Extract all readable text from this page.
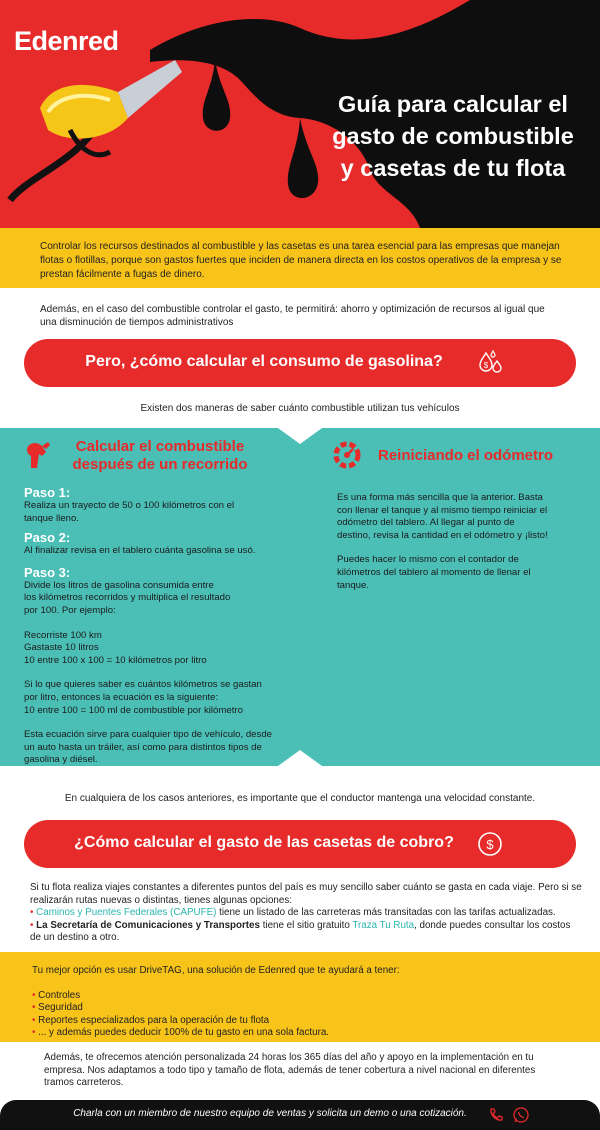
Edenred
Guía para calcular el
gasto de combustible
y casetas de tu flota

Controlar los recursos destinados al combustible y las casetas es una tarea esencial para las empresas que manejan flotas o flotillas, porque son gastos fuertes que inciden de manera directa en los costos operativos de la empresa y se prestan fácilmente a fugas de dinero.

Además, en el caso del combustible controlar el gasto, te permitirá: ahorro y optimización de recursos al igual que una disminución de tiempos administrativos

Pero, ¿cómo calcular el consumo de gasolina?	$

Existen dos maneras de saber cuánto combustible utilizan tus vehículos

Calcular el combustible
después de un recorrido

Paso 1:

Realiza un trayecto de 50 o 100 kilómetros con el

tanque lleno.

Paso 2:

Al finalizar revisa en el tablero cuánta gasolina se usó.

Paso 3:

Divide los litros de gasolina consumida entre

los kilómetros recorridos y multiplica el resultado

por 100. Por ejemplo:

Recorriste 100 km

Gastaste 10 litros

10 entre 100 x 100 = 10 kilómetros por litro

Si lo que quieres saber es cuántos kilómetros se gastan

por litro, entonces la ecuación es la siguiente:

10 entre 100 = 100 ml de combustible por kilómetro

Esta ecuación sirve para cualquier tipo de vehículo, desde

un auto hasta un tráiler, así como para distintos tipos de

gasolina y diésel.

Reiniciando el odómetro

Es una forma más sencilla que la anterior. Basta

con llenar el tanque y al mismo tiempo reiniciar el

odómetro del tablero. Al llegar al punto de

destino, revisa la cantidad en el odómetro y ¡listo!

Puedes hacer lo mismo con el contador de

kilómetros del tablero al momento de llenar el

tanque.

En cualquiera de los casos anteriores, es importante que el conductor mantenga una velocidad constante.

¿Cómo calcular el gasto de las casetas de cobro?	$
Si tu flota realiza viajes constantes a diferentes puntos del país es muy sencillo saber cuánto se gasta en cada viaje. Pero si se realizarán rutas nuevas o distintas, tienes algunas opciones:
• Caminos y Puentes Federales (CAPUFE) tiene un listado de las carreteras más transitadas con las tarifas actualizadas.
• La Secretaría de Comunicaciones y Transportes tiene el sitio gratuito Traza Tu Ruta, donde puedes consultar los costos de un destino a otro.
Tu mejor opción es usar DriveTAG, una solución de Edenred que te ayudará a tener:
• Controles
• Seguridad
• Reportes especializados para la operación de tu flota
• ... y además puedes deducir 100% de tu gasto en una sola factura.

Además, te ofrecemos atención personalizada 24 horas los 365 días del año y apoyo en la implementación en tu empresa. Nos adaptamos a todo tipo y tamaño de flota, además de tener cobertura a nivel nacional en diferentes tramos carreteros.

Charla con un miembro de nuestro equipo de ventas y solicita un demo o una cotización.
